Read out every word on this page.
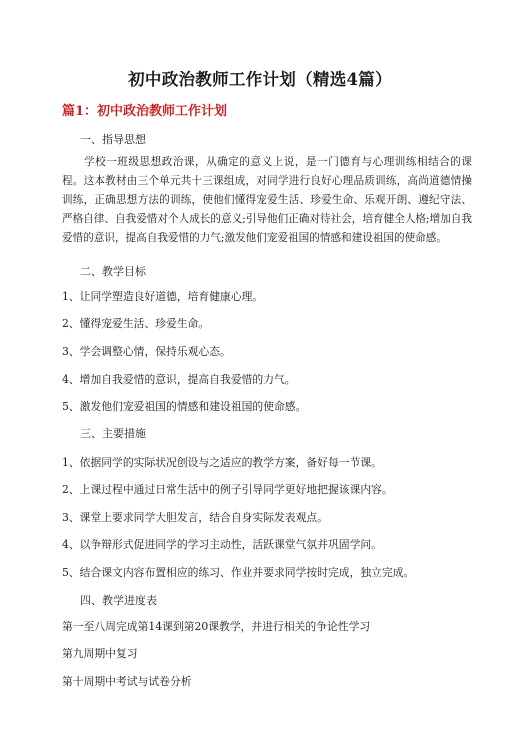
初中政治教师工作计划（精选4篇）
篇1：初中政治教师工作计划
一、指导思想
学校一班级思想政治课，从确定的意义上说，是一门德育与心理训练相结合的课程。这本教材由三个单元共十三课组成，对同学进行良好心理品质训练，高尚道德情操训练，正确思想方法的训练，使他们懂得宠爱生活、珍爱生命、乐观开朗、遵纪守法、严格自律、自我爱惜对个人成长的意义;引导他们正确对待社会，培育健全人格;增加自我爱惜的意识，提高自我爱惜的力气;激发他们宠爱祖国的情感和建设祖国的使命感。
二、教学目标
1、让同学塑造良好道德，培育健康心理。
2、懂得宠爱生活、珍爱生命。
3、学会调整心情，保持乐观心态。
4、增加自我爱惜的意识，提高自我爱惜的力气。
5、激发他们宠爱祖国的情感和建设祖国的使命感。
三、主要措施
1、依据同学的实际状况创设与之适应的教学方案，备好每一节课。
2、上课过程中通过日常生活中的例子引导同学更好地把握该课内容。
3、课堂上要求同学大胆发言，结合自身实际发表观点。
4、以争辩形式促进同学的学习主动性，活跃课堂气氛并巩固学问。
5、结合课文内容布置相应的练习、作业并要求同学按时完成，独立完成。
四、教学进度表
第一至八周完成第14课到第20课教学，并进行相关的争论性学习
第九周期中复习
第十周期中考试与试卷分析
